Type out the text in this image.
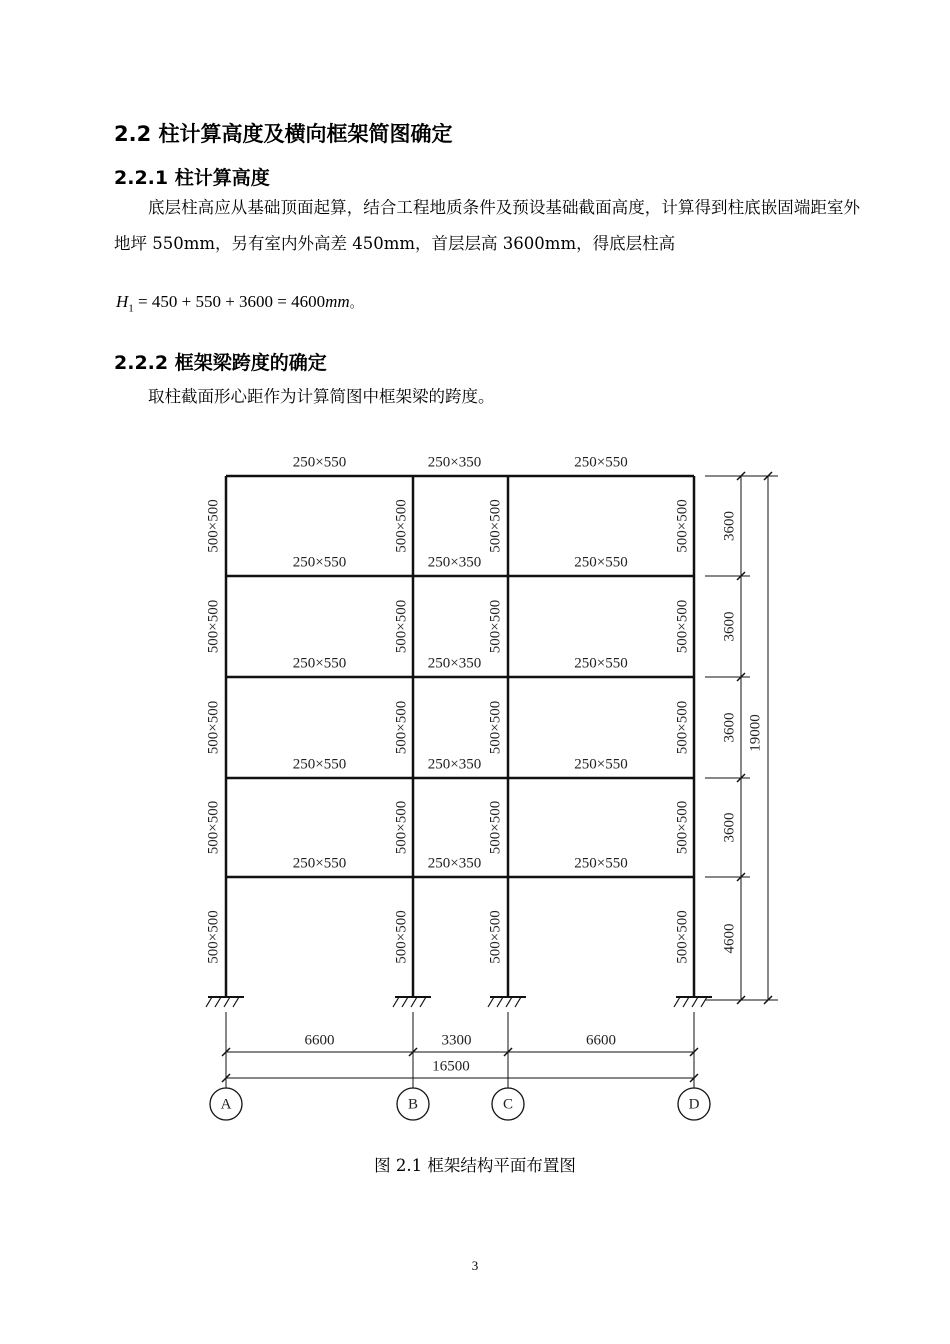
2.2 柱计算高度及横向框架简图确定
2.2.1 柱计算高度
底层柱高应从基础顶面起算，结合工程地质条件及预设基础截面高度，计算得到柱底嵌固端距室外地坪 550mm，另有室内外高差 450mm，首层层高 3600mm，得底层柱高
$H_1 = 450 + 550 + 3600 = 4600mm$。
2.2.2 框架梁跨度的确定
取柱截面形心距作为计算简图中框架梁的跨度。
250×550	250×350	250×550
250×550	250×350	250×550
250×550	250×350	250×550
250×550	250×350	250×550
250×550	250×350	250×550
500×500	500×500	500×500	500×500
500×500	500×500	500×500	500×500
500×500	500×500	500×500	500×500
500×500	500×500	500×500	500×500
500×500	500×500	500×500	500×500 4600
3600
3600
3600
3600
19000
6600	3300	6600
16500
A	B	C	D
图 2.1 框架结构平面布置图
3
